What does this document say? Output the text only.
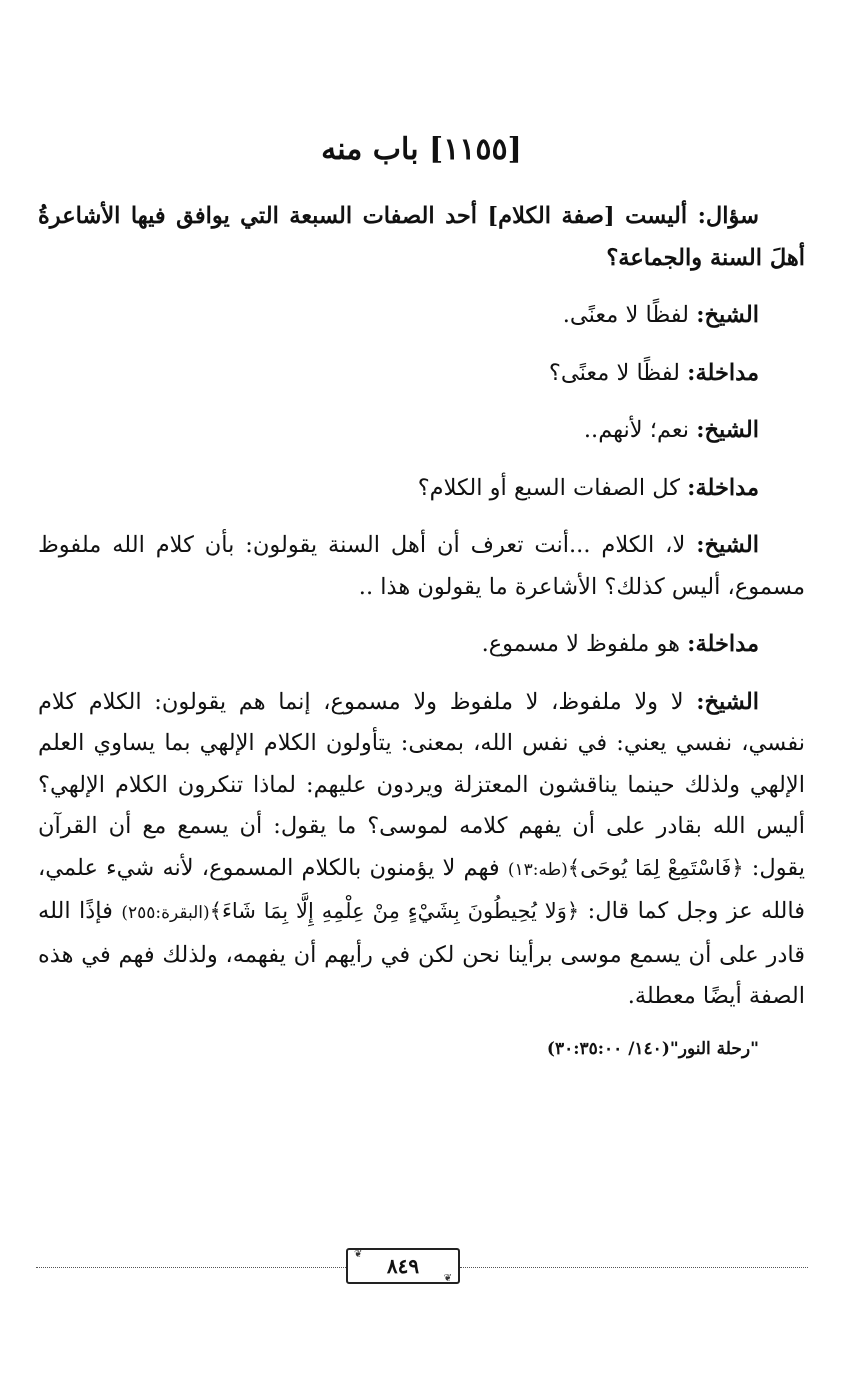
[١١٥٥] باب منه

سؤال: أليست [صفة الكلام] أحد الصفات السبعة التي يوافق فيها الأشاعرةُ أهلَ السنة والجماعة؟

الشيخ: لفظًا لا معنًى.

مداخلة: لفظًا لا معنًى؟

الشيخ: نعم؛ لأنهم..

مداخلة: كل الصفات السبع أو الكلام؟

الشيخ: لا، الكلام ...أنت تعرف أن أهل السنة يقولون: بأن كلام الله ملفوظ مسموع، أليس كذلك؟ الأشاعرة ما يقولون هذا ..

مداخلة: هو ملفوظ لا مسموع.

الشيخ: لا ولا ملفوظ، لا ملفوظ ولا مسموع، إنما هم يقولون: الكلام كلام نفسي، نفسي يعني: في نفس الله، بمعنى: يتأولون الكلام الإلهي بما يساوي العلم الإلهي ولذلك حينما يناقشون المعتزلة ويردون عليهم: لماذا تنكرون الكلام الإلهي؟ أليس الله بقادر على أن يفهم كلامه لموسى؟ ما يقول: أن يسمع مع أن القرآن يقول: ﴿فَاسْتَمِعْ لِمَا يُوحَى﴾(طه:١٣) فهم لا يؤمنون بالكلام المسموع، لأنه شيء علمي، فالله عز وجل كما قال: ﴿وَلا يُحِيطُونَ بِشَيْءٍ مِنْ عِلْمِهِ إِلَّا بِمَا شَاءَ﴾(البقرة:٢٥٥) فإذًا الله قادر على أن يسمع موسى برأينا نحن لكن في رأيهم أن يفهمه، ولذلك فهم في هذه الصفة أيضًا معطلة.

"رحلة النور"(١٤٠/ ٣٠:٣٥:٠٠)
❦
❦
٨٤٩
